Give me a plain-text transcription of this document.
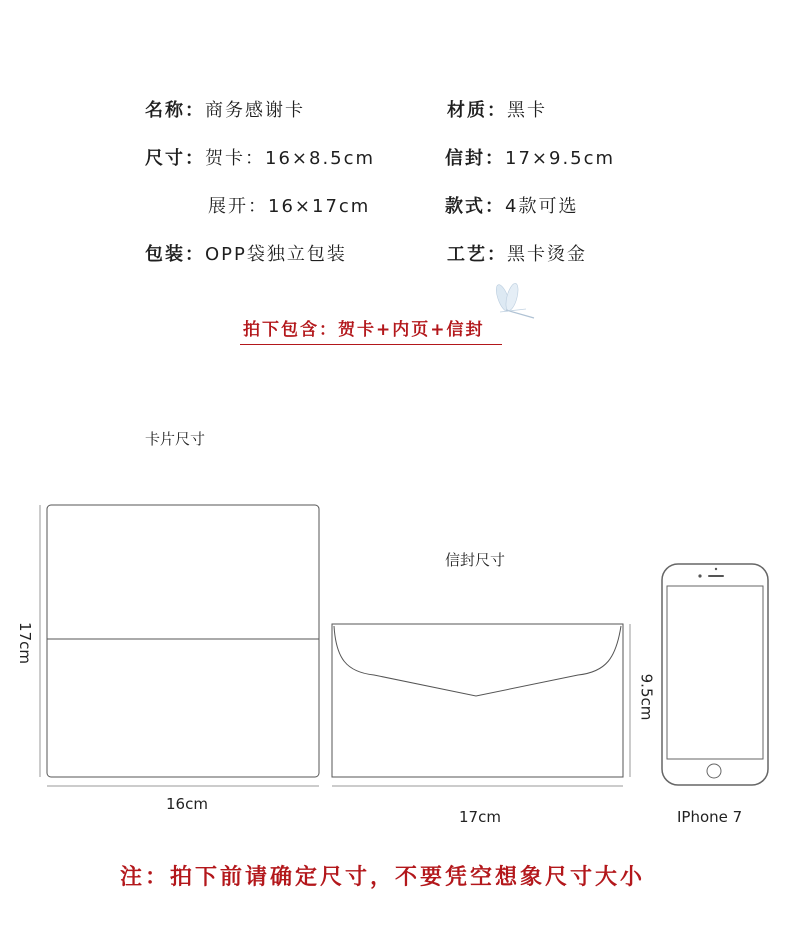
名称：商务感谢卡	材质：黑卡
尺寸：贺卡：16×8.5cm	信封：17×9.5cm
展开：16×17cm	款式：4款可选
包装：OPP袋独立包装	工艺：黑卡烫金
拍下包含：贺卡+内页+信封
卡片尺寸
信封尺寸
17cm
16cm
17cm
9.5cm
IPhone 7
注：拍下前请确定尺寸，不要凭空想象尺寸大小
